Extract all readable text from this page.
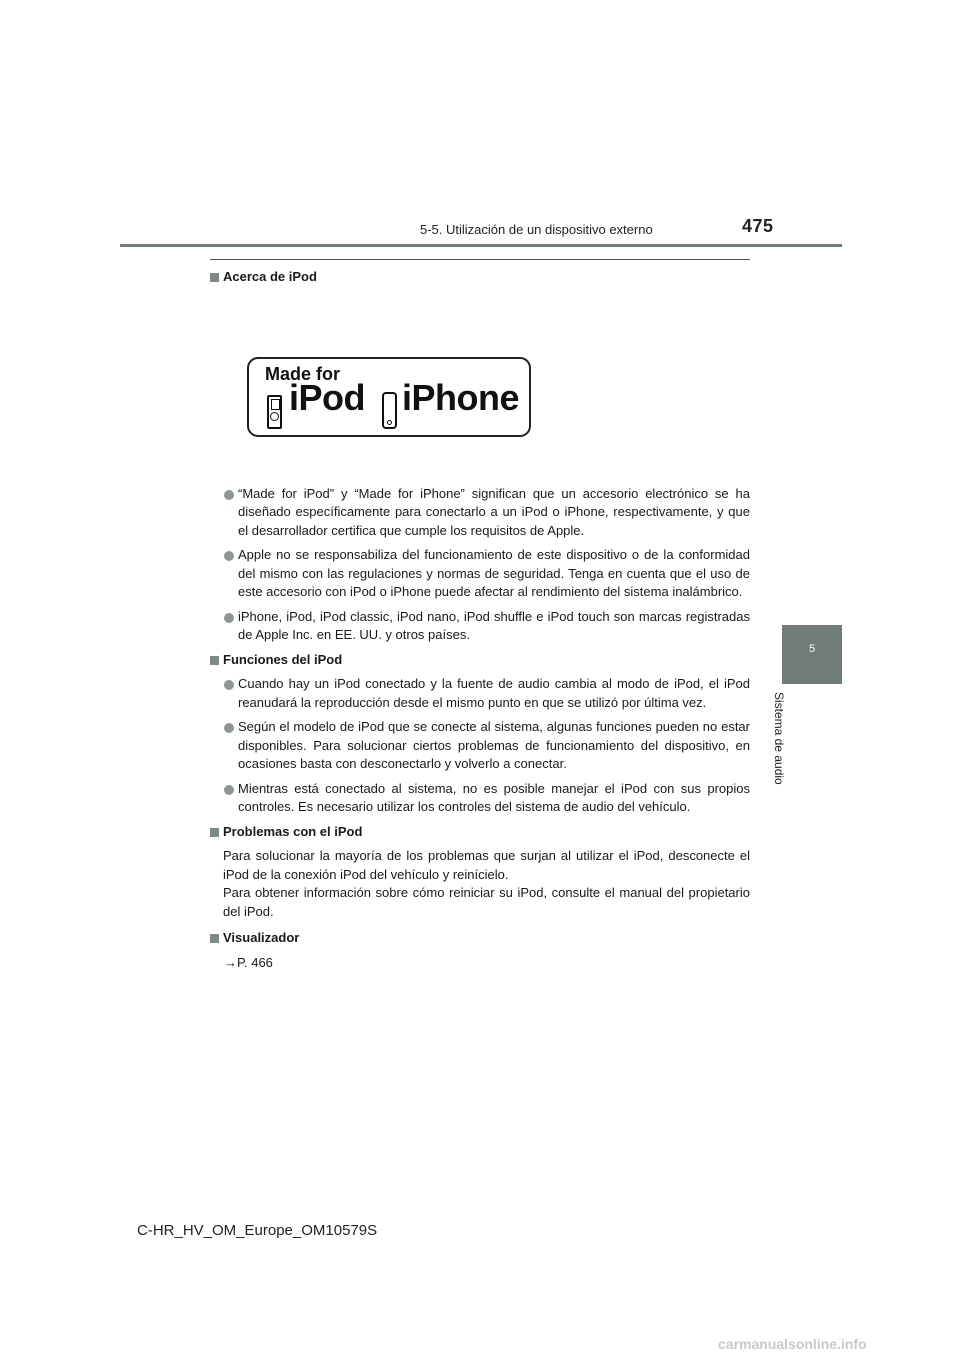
5-5. Utilización de un dispositivo externo	475
5
Sistema de audio
Acerca de iPod
Made for
iPod iPhone
“Made for iPod” y “Made for iPhone” significan que un accesorio electrónico se ha diseñado específicamente para conectarlo a un iPod o iPhone, respectivamente, y que el desarrollador certifica que cumple los requisitos de Apple.
Apple no se responsabiliza del funcionamiento de este dispositivo o de la conformidad del mismo con las regulaciones y normas de seguridad. Tenga en cuenta que el uso de este accesorio con iPod o iPhone puede afectar al rendimiento del sistema inalámbrico.
iPhone, iPod, iPod classic, iPod nano, iPod shuffle e iPod touch son marcas registradas de Apple Inc. en EE. UU. y otros países.
Funciones del iPod
Cuando hay un iPod conectado y la fuente de audio cambia al modo de iPod, el iPod reanudará la reproducción desde el mismo punto en que se utilizó por última vez.
Según el modelo de iPod que se conecte al sistema, algunas funciones pueden no estar disponibles. Para solucionar ciertos problemas de funcionamiento del dispositivo, en ocasiones basta con desconectarlo y volverlo a conectar.
Mientras está conectado al sistema, no es posible manejar el iPod con sus propios controles. Es necesario utilizar los controles del sistema de audio del vehículo.
Problemas con el iPod
Para solucionar la mayoría de los problemas que surjan al utilizar el iPod, desconecte el iPod de la conexión iPod del vehículo y reinícielo.
Para obtener información sobre cómo reiniciar su iPod, consulte el manual del propietario del iPod.
Visualizador
→P. 466
C-HR_HV_OM_Europe_OM10579S
carmanualsonline.info
